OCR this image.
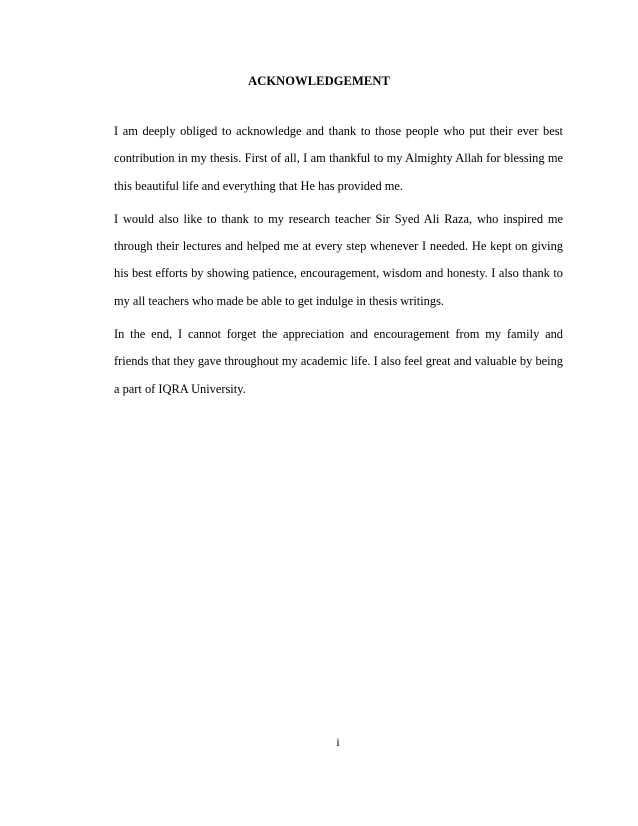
ACKNOWLEDGEMENT

I am deeply obliged to acknowledge and thank to those people who put their ever best contribution in my thesis. First of all, I am thankful to my Almighty Allah for blessing me this beautiful life and everything that He has provided me.

I would also like to thank to my research teacher Sir Syed Ali Raza, who inspired me through their lectures and helped me at every step whenever I needed. He kept on giving his best efforts by showing patience, encouragement, wisdom and honesty. I also thank to my all teachers who made be able to get indulge in thesis writings.

In the end, I cannot forget the appreciation and encouragement from my family and friends that they gave throughout my academic life. I also feel great and valuable by being a part of IQRA University.

i
